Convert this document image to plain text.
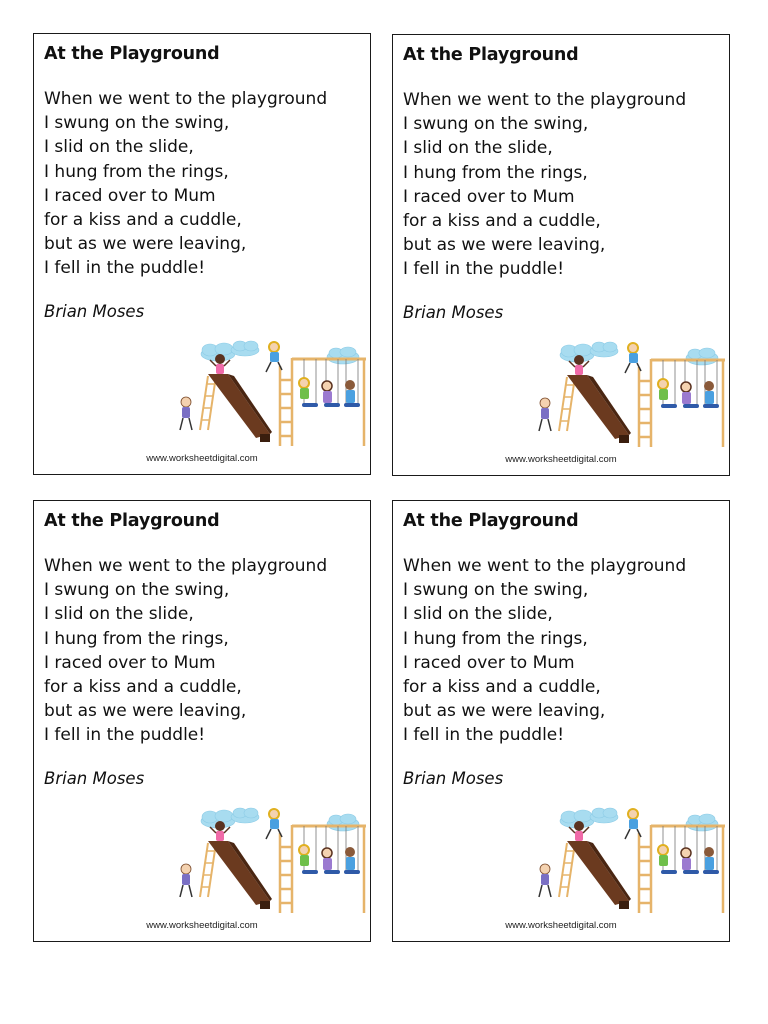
At the Playground
When we went to the playground
I swung on the swing,
I slid on the slide,
I hung from the rings,
I raced over to Mum
for a kiss and a cuddle,
but as we were leaving,
I fell in the puddle!
Brian Moses
www.worksheetdigital.com
At the Playground
When we went to the playground
I swung on the swing,
I slid on the slide,
I hung from the rings,
I raced over to Mum
for a kiss and a cuddle,
but as we were leaving,
I fell in the puddle!
Brian Moses
www.worksheetdigital.com
At the Playground
When we went to the playground
I swung on the swing,
I slid on the slide,
I hung from the rings,
I raced over to Mum
for a kiss and a cuddle,
but as we were leaving,
I fell in the puddle!
Brian Moses
www.worksheetdigital.com
At the Playground
When we went to the playground
I swung on the swing,
I slid on the slide,
I hung from the rings,
I raced over to Mum
for a kiss and a cuddle,
but as we were leaving,
I fell in the puddle!
Brian Moses
www.worksheetdigital.com
